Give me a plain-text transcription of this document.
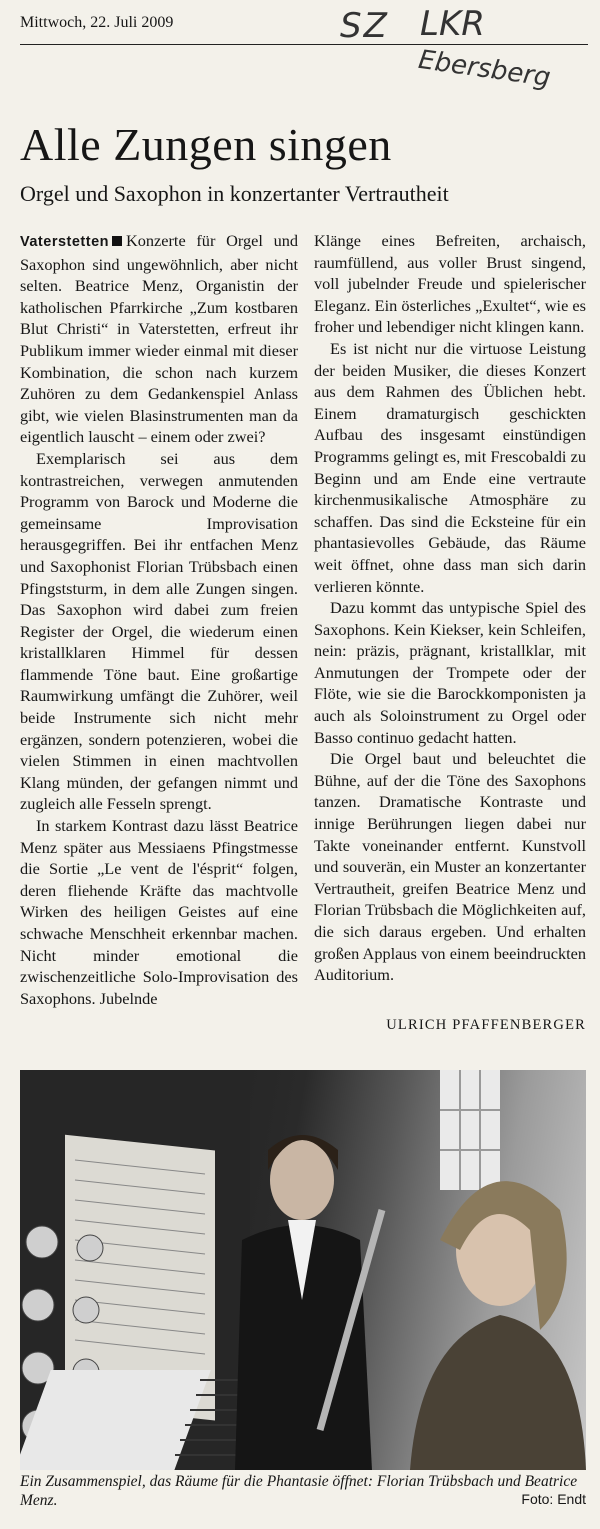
Mittwoch, 22. Juli 2009	SZ LKR
Ebersberg
Alle Zungen singen
Orgel und Saxophon in konzertanter Vertrautheit

Vaterstetten Konzerte für Orgel und Saxophon sind ungewöhnlich, aber nicht selten. Beatrice Menz, Organistin der katholischen Pfarrkirche „Zum kostbaren Blut Christi“ in Vaterstetten, erfreut ihr Publikum immer wieder einmal mit dieser Kombination, die schon nach kurzem Zuhören zu dem Gedankenspiel Anlass gibt, wie vielen Blasinstrumenten man da eigentlich lauscht – einem oder zwei?

Exemplarisch sei aus dem kontrastreichen, verwegen anmutenden Programm von Barock und Moderne die gemeinsame Improvisation herausgegriffen. Bei ihr entfachen Menz und Saxophonist Florian Trübsbach einen Pfingststurm, in dem alle Zungen singen. Das Saxophon wird dabei zum freien Register der Orgel, die wiederum einen kristallklaren Himmel für dessen flammende Töne baut. Eine großartige Raumwirkung umfängt die Zuhörer, weil beide Instrumente sich nicht mehr ergänzen, sondern potenzieren, wobei die vielen Stimmen in einen machtvollen Klang münden, der gefangen nimmt und zugleich alle Fesseln sprengt.

In starkem Kontrast dazu lässt Beatrice Menz später aus Messiaens Pfingstmesse die Sortie „Le vent de l'ésprit“ folgen, deren fliehende Kräfte das machtvolle Wirken des heiligen Geistes auf eine schwache Menschheit erkennbar machen. Nicht minder emotional die zwischenzeitliche Solo-Improvisation des Saxophons. Jubelnde

Klänge eines Befreiten, archaisch, raumfüllend, aus voller Brust singend, voll jubelnder Freude und spielerischer Eleganz. Ein österliches „Exultet“, wie es froher und lebendiger nicht klingen kann.

Es ist nicht nur die virtuose Leistung der beiden Musiker, die dieses Konzert aus dem Rahmen des Üblichen hebt. Einem dramaturgisch geschickten Aufbau des insgesamt einstündigen Programms gelingt es, mit Frescobaldi zu Beginn und am Ende eine vertraute kirchenmusikalische Atmosphäre zu schaffen. Das sind die Ecksteine für ein phantasievolles Gebäude, das Räume weit öffnet, ohne dass man sich darin verlieren könnte.

Dazu kommt das untypische Spiel des Saxophons. Kein Kiekser, kein Schleifen, nein: präzis, prägnant, kristallklar, mit Anmutungen der Trompete oder der Flöte, wie sie die Barockkomponisten ja auch als Soloinstrument zu Orgel oder Basso continuo gedacht hatten.

Die Orgel baut und beleuchtet die Bühne, auf der die Töne des Saxophons tanzen. Dramatische Kontraste und innige Berührungen liegen dabei nur Takte voneinander entfernt. Kunstvoll und souverän, ein Muster an konzertanter Vertrautheit, greifen Beatrice Menz und Florian Trübsbach die Möglichkeiten auf, die sich daraus ergeben. Und erhalten großen Applaus von einem beeindruckten Auditorium.

ULRICH PFAFFENBERGER
Ein Zusammenspiel, das Räume für die Phantasie öffnet: Florian Trübsbach und Beatrice Menz.	Foto: Endt
